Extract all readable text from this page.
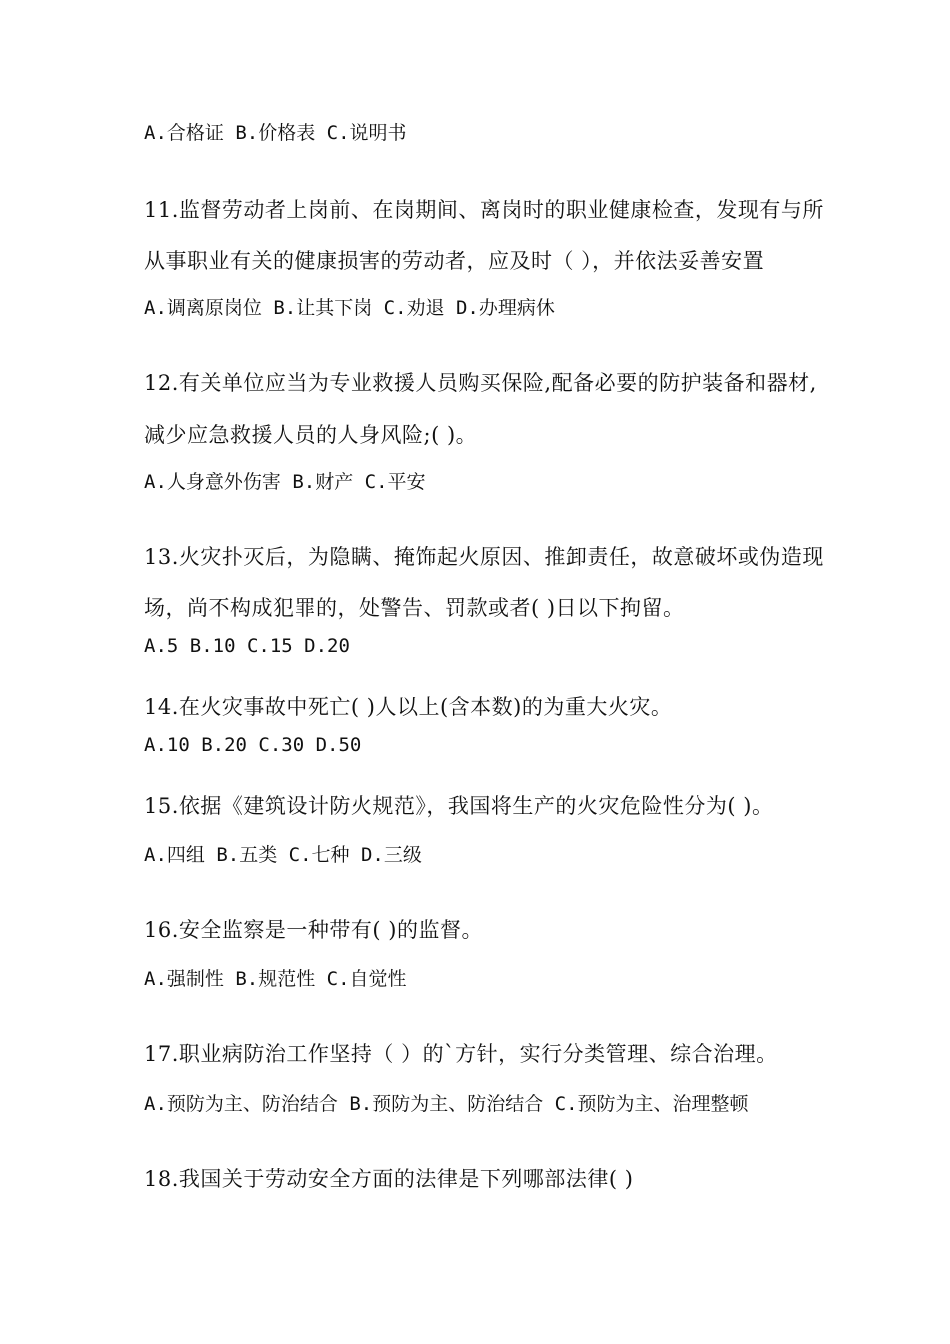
A.合格证 B.价格表 C.说明书
11.监督劳动者上岗前、在岗期间、离岗时的职业健康检查，发现有与所
从事职业有关的健康损害的劳动者，应及时（ ），并依法妥善安置
A.调离原岗位 B.让其下岗 C.劝退 D.办理病休
12.有关单位应当为专业救援人员购买保险,配备必要的防护装备和器材,
减少应急救援人员的人身风险;( )。
A.人身意外伤害 B.财产 C.平安
13.火灾扑灭后，为隐瞒、掩饰起火原因、推卸责任，故意破坏或伪造现
场，尚不构成犯罪的，处警告、罚款或者( )日以下拘留。
A.5 B.10 C.15 D.20
14.在火灾事故中死亡( )人以上(含本数)的为重大火灾。
A.10 B.20 C.30 D.50
15.依据《建筑设计防火规范》，我国将生产的火灾危险性分为( )。
A.四组 B.五类 C.七种 D.三级
16.安全监察是一种带有( )的监督。
A.强制性 B.规范性 C.自觉性
17.职业病防治工作坚持（ ）的`方针，实行分类管理、综合治理。
A.预防为主、防治结合 B.预防为主、防治结合 C.预防为主、治理整顿
18.我国关于劳动安全方面的法律是下列哪部法律( )
